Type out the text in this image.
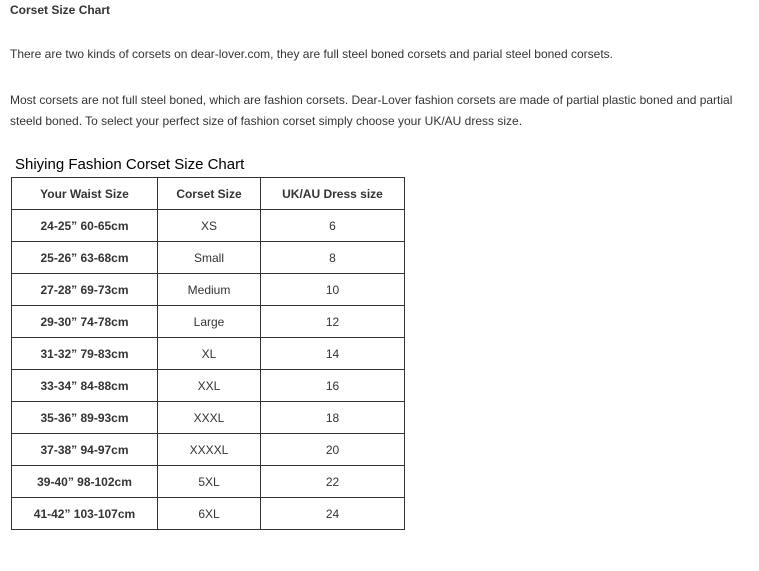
Corset Size Chart
There are two kinds of corsets on dear-lover.com, they are full steel boned corsets and parial steel boned corsets.
Most corsets are not full steel boned, which are fashion corsets. Dear-Lover fashion corsets are made of partial plastic boned and partial
steeld boned. To select your perfect size of fashion corset simply choose your UK/AU dress size.
Shiying Fashion Corset Size Chart
Your Waist Size	Corset Size	UK/AU Dress size
24-25” 60-65cm	XS	6
25-26” 63-68cm	Small	8
27-28” 69-73cm	Medium	10
29-30” 74-78cm	Large	12
31-32” 79-83cm	XL	14
33-34” 84-88cm	XXL	16
35-36” 89-93cm	XXXL	18
37-38” 94-97cm	XXXXL	20
39-40” 98-102cm	5XL	22
41-42” 103-107cm	6XL	24
